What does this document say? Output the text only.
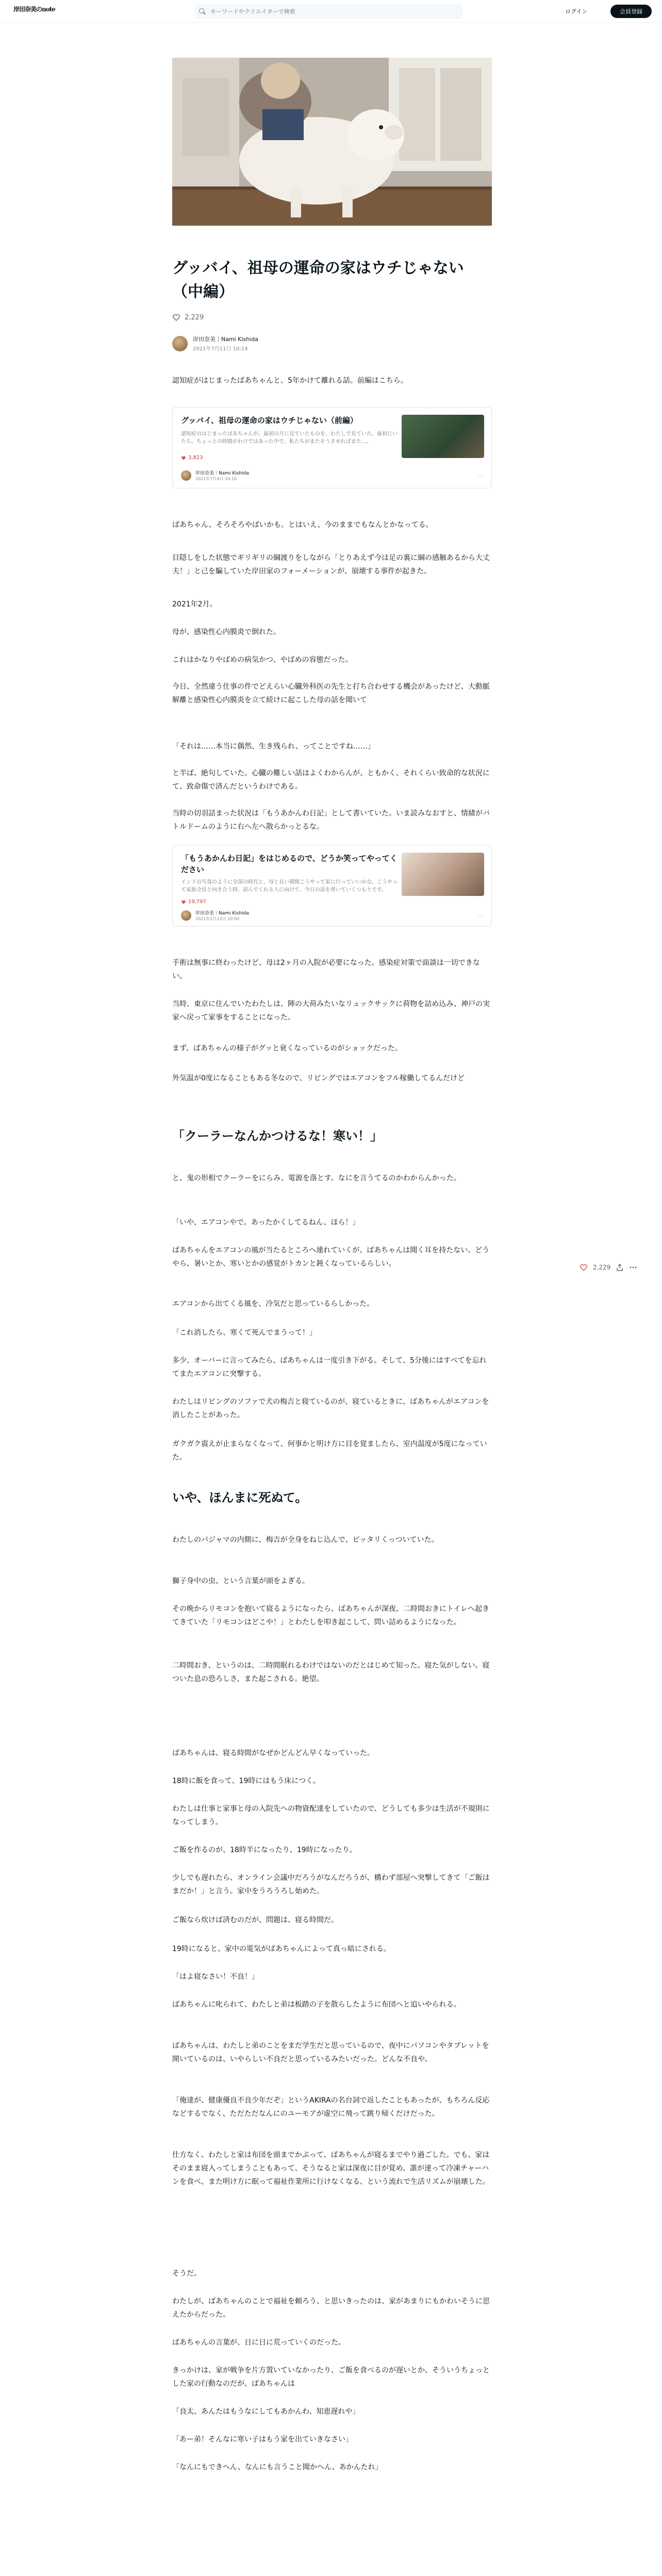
岸田奈美のnote
キーワードやクリエイターで検索	ログイン	会員登録
グッバイ、祖母の運命の家はウチじゃない（中編）
2,229
岸田奈美｜Nami Kishida
2021年7月11日 10:14

認知症がはじまったばあちゃんと、5年かけて離れる話。前編はこちら。

グッバイ、祖母の運命の家はウチじゃない（前編）
認知症のはじまったばあちゃんが、最初の月に見ていたものを、わたしで見ていた。最初にいたら、ちょっとの時間がわけではあった中で、私たちがまたそうさせればまた…。
3,823
岸田奈美｜Nami Kishida
2021年7月4日 10:10	⋯

ばあちゃん、そろそろやばいかも。とはいえ、今のままでもなんとかなってる。

目隠しをした状態でギリギリの綱渡りをしながら「とりあえず今は足の裏に綱の感触あるから大丈夫！」と己を騙していた岸田家のフォーメーションが、崩壊する事件が起きた。

2021年2月。

母が、感染性心内膜炎で倒れた。

これはかなりやばめの病気かつ、やばめの容態だった。

今日、全然違う仕事の件でどえらい心臓外科医の先生と打ち合わせする機会があったけど、大動脈解離と感染性心内膜炎を立て続けに起こした母の話を聞いて

「それは……本当に偶然、生き残られ、ってことですね……」

と半ば、絶句していた。心臓の難しい話はよくわからんが、ともかく、それくらい致命的な状況にて、致命傷で済んだというわけである。

当時の切羽詰まった状況は「もうあかんわ日記」として書いていた。いま読みなおすと、情緒がバトルドームのように右へ左へ散らかっとるな。

「もうあかんわ日記」をはじめるので、どうか笑ってやってください
インドの写真のように全部の時代と、母と長い期間こうやって家に行っていいかな。こうやって家族全員と向き合う時、読んでくれる人に向けて、今日の話を書いていくつもりです。
19,797
岸田奈美｜Nami Kishida
2021年2月13日 10:00	⋯

手術は無事に終わったけど、母は2ヶ月の入院が必要になった。感染症対策で面談は一切できない。

当時、東京に住んでいたわたしは、陣の大荷みたいなリュックサックに荷物を詰め込み、神戸の実家へ戻って家事をすることになった。

まず、ばあちゃんの様子がグッと衰くなっているのがショックだった。

外気温が0度になることもある冬なので、リビングではエアコンをフル稼働してるんだけど

「クーラーなんかつけるな！寒い！」

と、鬼の形相でクーラーをにらみ、電源を落とす。なにを言うてるのかわからんかった。

「いや、エアコンやで。あったかくしてるねん、ほら！」

ばあちゃんをエアコンの風が当たるところへ連れていくが、ばあちゃんは聞く耳を持たない。どうやら、暑いとか、寒いとかの感覚がトカンと鈍くなっているらしい。

エアコンから出てくる風を、冷気だと思っているらしかった。

「これ消したら、寒くて死んでまうって！」

多少、オーバーに言ってみたら、ばあちゃんは一度引き下がる。そして、5分後にはすべてを忘れてまたエアコンに突撃する。

わたしはリビングのソファで犬の梅吉と寝ているのが、寝ているときに、ばあちゃんがエアコンを消したことがあった。

ガクガク震えが止まらなくなって、何事かと明け方に目を覚ましたら、室内温度が5度になっていた。

いや、ほんまに死ぬて。

わたしのパジャマの内側に、梅吉が全身をねじ込んで、ピッタリくっついていた。

獅子身中の虫、という言葉が頭をよぎる。

その晩からリモコンを抱いて寝るようになったら、ばあちゃんが深夜、二時間おきにトイレへ起きてきていた「リモコンはどこや！」とわたしを叩き起こして、問い詰めるようになった。

二時間おき、というのは、二時間眠れるわけではないのだとはじめて知った。寝た気がしない。寝ついた息の恐ろしさ、また起こされる。絶望。

ばあちゃんは、寝る時間がなぜかどんどん早くなっていった。

18時に飯を食って、19時にはもう床につく。

わたしは仕事と家事と母の入院先への物資配達をしていたので、どうしても多少は生活が不規則になってしまう。

ご飯を作るのが、18時半になったり、19時になったり。

少しでも遅れたら、オンライン会議中だろうがなんだろうが、構わず部屋へ突撃してきて「ご飯はまだか！」と言う。家中をうろうろし始めた。

ご飯なら炊けば済むのだが、問題は、寝る時間だ。

19時になると、家中の電気がばあちゃんによって真っ暗にされる。

「はよ寝なさい！不良！」

ばあちゃんに叱られて、わたしと弟は板踏の子を散らしたように布団へと追いやられる。

ばあちゃんは、わたしと弟のことをまだ学生だと思っているので、夜中にパソコンやタブレットを開いているのは、いやらしい不良だと思っているみたいだった。どんな不良や。

「俺達が、健康優良不良少年だぞ」というAKIRAの名台詞で返したこともあったが、もちろん反応などするでなく、ただただなんにのユーモアが虚空に飛って跳り帰くだけだった。

仕方なく、わたしと家は布団を頭までかぶって、ばあちゃんが寝るまでやり過ごした。でも、家はそのまま寝入ってしまうこともあって、そうなると家は深夜に目が覚め、誰が速って冷凍チャーハンを食べ、また明け方に眠って福祉作業所に行けなくなる、という流れで生活リズムが崩壊した。

そうだ。

わたしが、ばあちゃんのことで福祉を頼ろう、と思いきったのは、家があまりにもかわいそうに思えたからだった。

ばあちゃんの言葉が、日に日に荒っていくのだった。

きっかけは、家が戦争を片方置いていなかったり、ご飯を食べるのが遅いとか、そういうちょっとした家の行動なのだが、ばあちゃんは

「良太、あんたはもうなにしてもあかんわ、知恵遅れや」

「あー弟！そんなに寒い子はもう家を出ていきなさい」

「なんにもできへん、なんにも言うこと聞かへん、あかんたれ」

2,229
